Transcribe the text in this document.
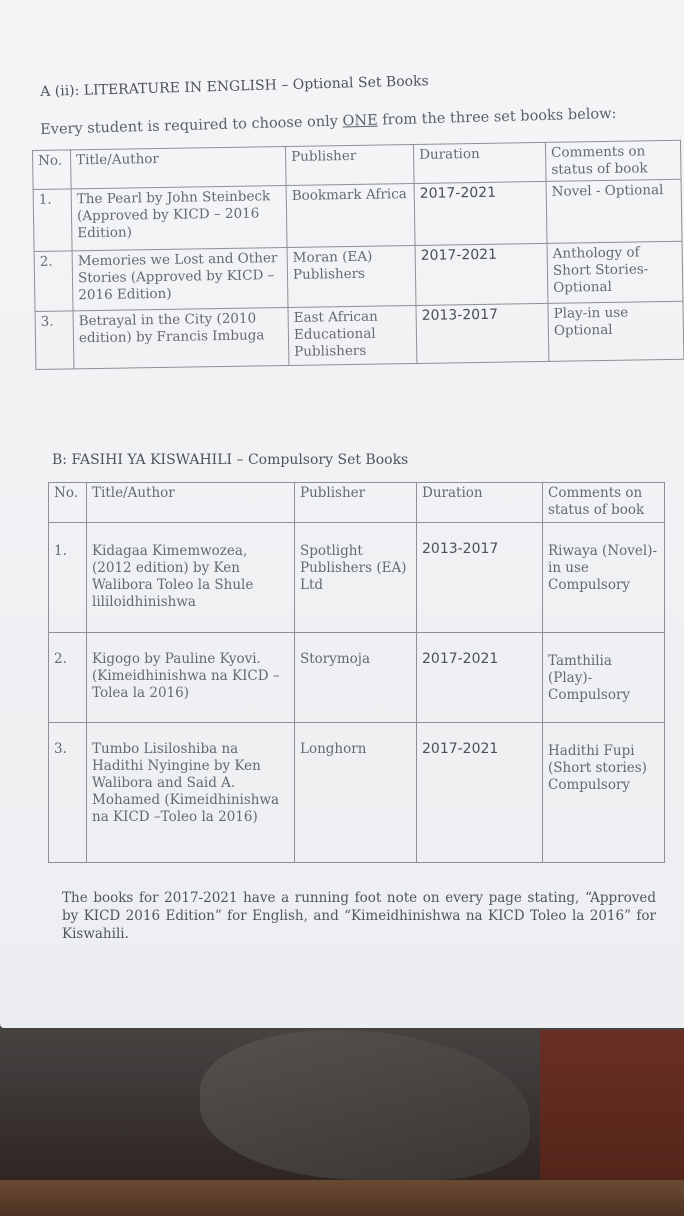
A (ii): LITERATURE IN ENGLISH – Optional Set Books
Every student is required to choose only ONE from the three set books below:
No.	Title/Author	Publisher	Duration	Comments on status of book
1.	The Pearl by John Steinbeck (Approved by KICD – 2016 Edition)	Bookmark Africa	2017-2021	Novel - Optional
2.	Memories we Lost and Other Stories (Approved by KICD – 2016 Edition)	Moran (EA) Publishers	2017-2021	Anthology of Short Stories- Optional
3.	Betrayal in the City (2010 edition) by Francis Imbuga	East African Educational Publishers	2013-2017	Play-in use Optional
B: FASIHI YA KISWAHILI – Compulsory Set Books
No.	Title/Author	Publisher	Duration	Comments on status of book
1.	Kidagaa Kimemwozea, (2012 edition) by Ken Walibora Toleo la Shule lililoidhinishwa	Spotlight Publishers (EA) Ltd	2013-2017	Riwaya (Novel)-in use Compulsory
2.	Kigogo by Pauline Kyovi. (Kimeidhinishwa na KICD – Tolea la 2016)	Storymoja	2017-2021	Tamthilia (Play)- Compulsory
3.	Tumbo Lisiloshiba na Hadithi Nyingine by Ken Walibora and Said A. Mohamed (Kimeidhinishwa na KICD –Toleo la 2016)	Longhorn	2017-2021	Hadithi Fupi (Short stories) Compulsory
The books for 2017-2021 have a running foot note on every page stating, “Approved by KICD 2016 Edition” for English, and “Kimeidhinishwa na KICD Toleo la 2016” for Kiswahili.
